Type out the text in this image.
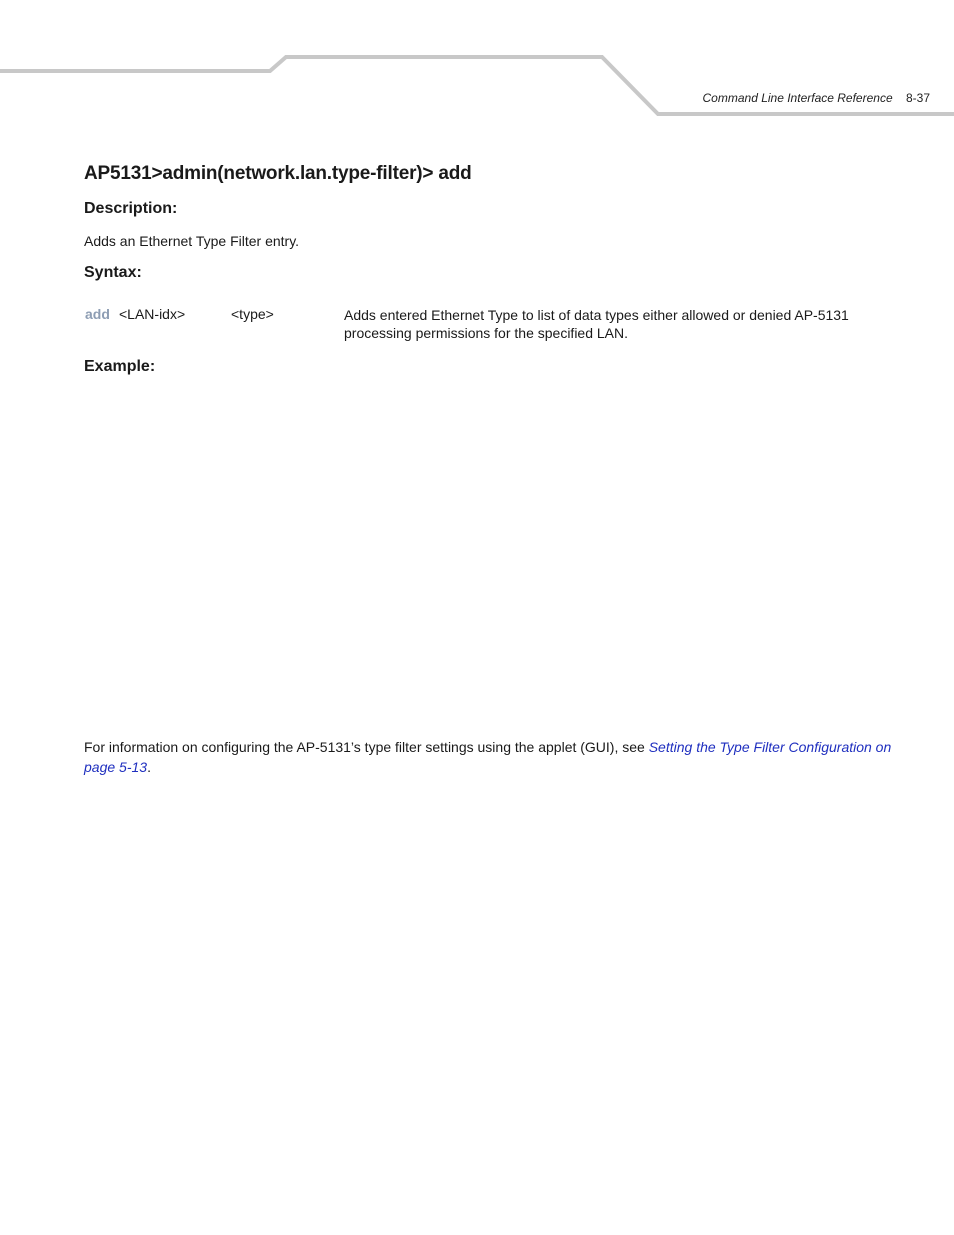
Command Line Interface Reference 8-37
AP5131>admin(network.lan.type-filter)> add
Description:
Adds an Ethernet Type Filter entry.
Syntax:
add <LAN-idx>	<type>	Adds entered Ethernet Type to list of data types either allowed or denied AP-5131 processing permissions for the specified LAN.
Example:
For information on configuring the AP-5131’s type filter settings using the applet (GUI), see Setting the Type Filter Configuration on page 5-13.
